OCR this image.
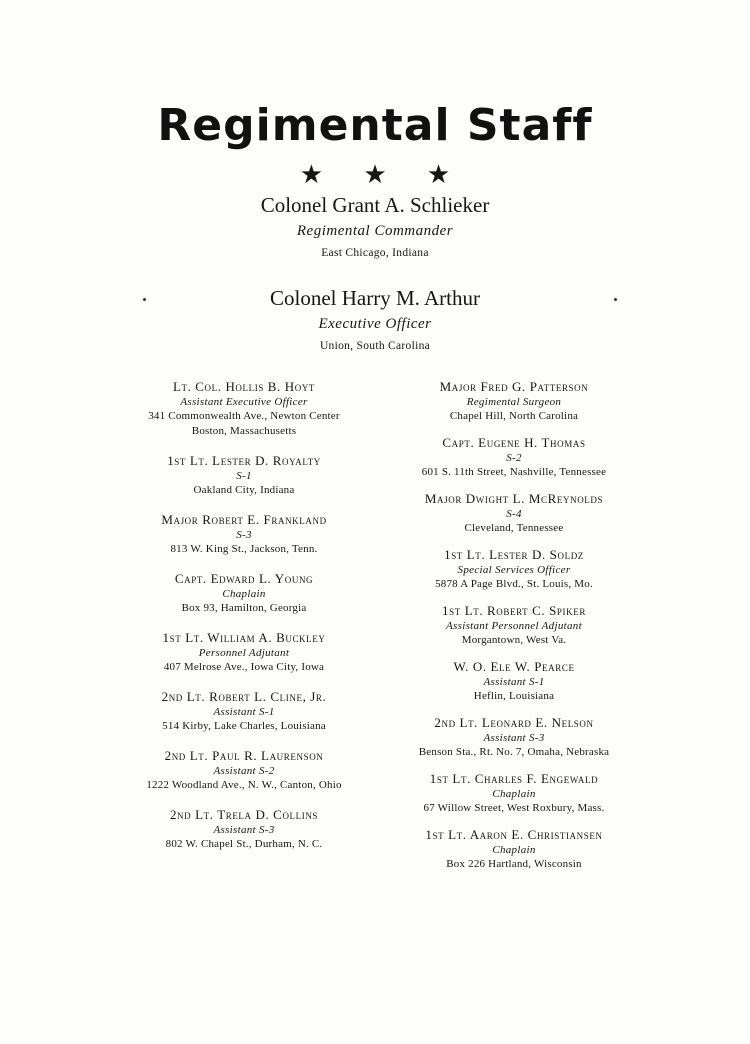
Regimental Staff
★ ★ ★
Colonel Grant A. Schlieker
Regimental Commander
East Chicago, Indiana
Colonel Harry M. Arthur
Executive Officer
Union, South Carolina
Lt. Col. Hollis B. Hoyt
Assistant Executive Officer
341 Commonwealth Ave., Newton Center
Boston, Massachusetts
1st Lt. Lester D. Royalty
S-1
Oakland City, Indiana
Major Robert E. Frankland
S-3
813 W. King St., Jackson, Tenn.
Capt. Edward L. Young
Chaplain
Box 93, Hamilton, Georgia
1st Lt. William A. Buckley
Personnel Adjutant
407 Melrose Ave., Iowa City, Iowa
2nd Lt. Robert L. Cline, Jr.
Assistant S-1
514 Kirby, Lake Charles, Louisiana
2nd Lt. Paul R. Laurenson
Assistant S-2
1222 Woodland Ave., N. W., Canton, Ohio
2nd Lt. Trela D. Collins
Assistant S-3
802 W. Chapel St., Durham, N. C.
Major Fred G. Patterson
Regimental Surgeon
Chapel Hill, North Carolina
Capt. Eugene H. Thomas
S-2
601 S. 11th Street, Nashville, Tennessee
Major Dwight L. McReynolds
S-4
Cleveland, Tennessee
1st Lt. Lester D. Soldz
Special Services Officer
5878 A Page Blvd., St. Louis, Mo.
1st Lt. Robert C. Spiker
Assistant Personnel Adjutant
Morgantown, West Va.
W. O. Ele W. Pearce
Assistant S-1
Heflin, Louisiana
2nd Lt. Leonard E. Nelson
Assistant S-3
Benson Sta., Rt. No. 7, Omaha, Nebraska
1st Lt. Charles F. Engewald
Chaplain
67 Willow Street, West Roxbury, Mass.
1st Lt. Aaron E. Christiansen
Chaplain
Box 226 Hartland, Wisconsin
